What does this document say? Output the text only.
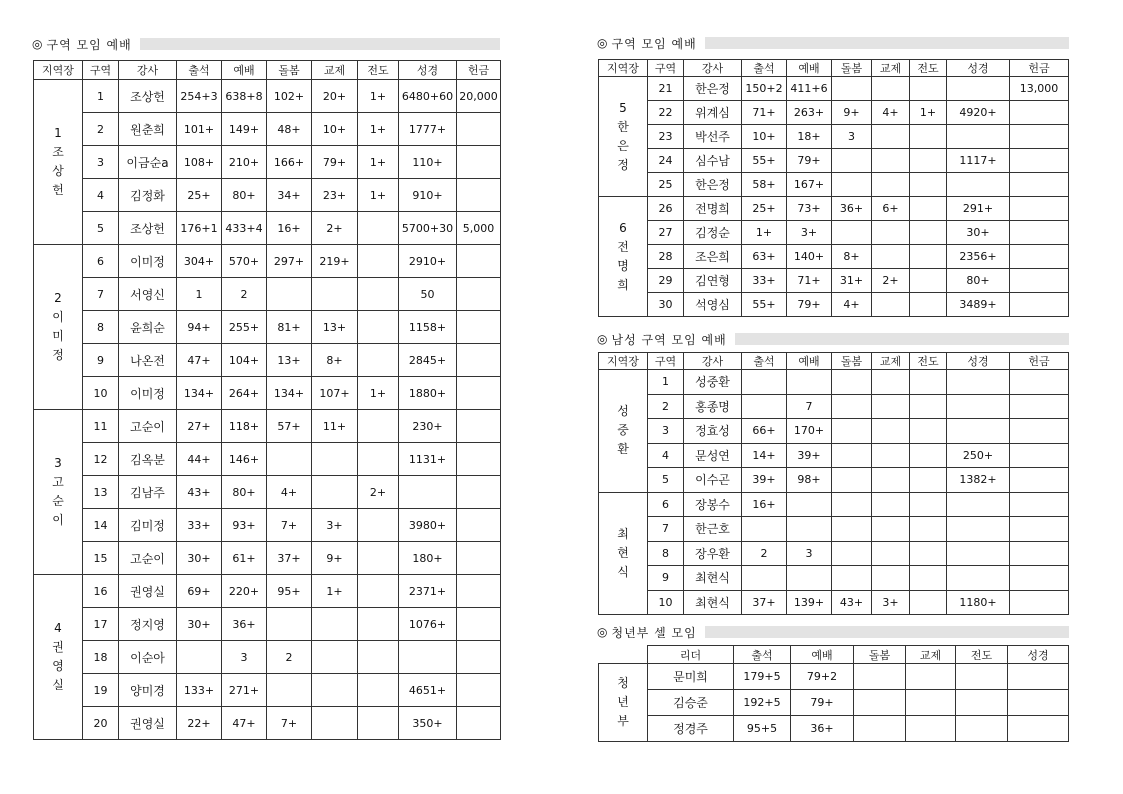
◎ 구역 모임 예배
지역장	구역	강사	출석	예배	돌봄	교제	전도	성경	헌금

1
조
상
헌	1	조상헌	254+3	638+8	102+	20+	1+	6480+60	20,000
	2	원춘희	101+	149+	48+	10+	1+	1777+	
	3	이금순a	108+	210+	166+	79+	1+	110+	
	4	김정화	25+	80+	34+	23+	1+	910+	
	5	조상헌	176+1	433+4	16+	2+		5700+30	5,000

2
이
미
정	6	이미정	304+	570+	297+	219+		2910+	
	7	서영신	1	2				50	
	8	윤희순	94+	255+	81+	13+		1158+	
	9	나온전	47+	104+	13+	8+		2845+	
	10	이미정	134+	264+	134+	107+	1+	1880+	

3
고
순
이	11	고순이	27+	118+	57+	11+		230+	
	12	김옥분	44+	146+				1131+	
	13	김남주	43+	80+	4+		2+		
	14	김미정	33+	93+	7+	3+		3980+	
	15	고순이	30+	61+	37+	9+		180+	

4
권
영
실	16	권영실	69+	220+	95+	1+		2371+	
	17	정지영	30+	36+				1076+	
	18	이순아		3	2				
	19	양미경	133+	271+				4651+	
	20	권영실	22+	47+	7+			350+	
◎ 구역 모임 예배
지역장	구역	강사	출석	예배	돌봄	교제	전도	성경	헌금

5
한
은
정	21	한은정	150+2	411+6					13,000
	22	위계심	71+	263+	9+	4+	1+	4920+	
	23	박선주	10+	18+	3				
	24	심수남	55+	79+				1117+	
	25	한은정	58+	167+					

6
전
명
희	26	전명희	25+	73+	36+	6+		291+	
	27	김정순	1+	3+				30+	
	28	조은희	63+	140+	8+			2356+	
	29	김연형	33+	71+	31+	2+		80+	
	30	석영심	55+	79+	4+			3489+	
◎ 남성 구역 모임 예배
지역장	구역	강사	출석	예배	돌봄	교제	전도	성경	헌금

성
중
환	1	성중환							
	2	홍종명		7					
	3	정효성	66+	170+					
	4	문성연	14+	39+				250+	
	5	이수곤	39+	98+				1382+	

최
현
식	6	장봉수	16+						
	7	한근호							
	8	장우환	2	3					
	9	최현식							
	10	최현식	37+	139+	43+	3+		1180+	
◎ 청년부 셀 모임
	리더	출석	예배	돌봄	교제	전도	성경

청
년
부	문미희	179+5	79+2				
	김승준	192+5	79+				
	정경주	95+5	36+				
